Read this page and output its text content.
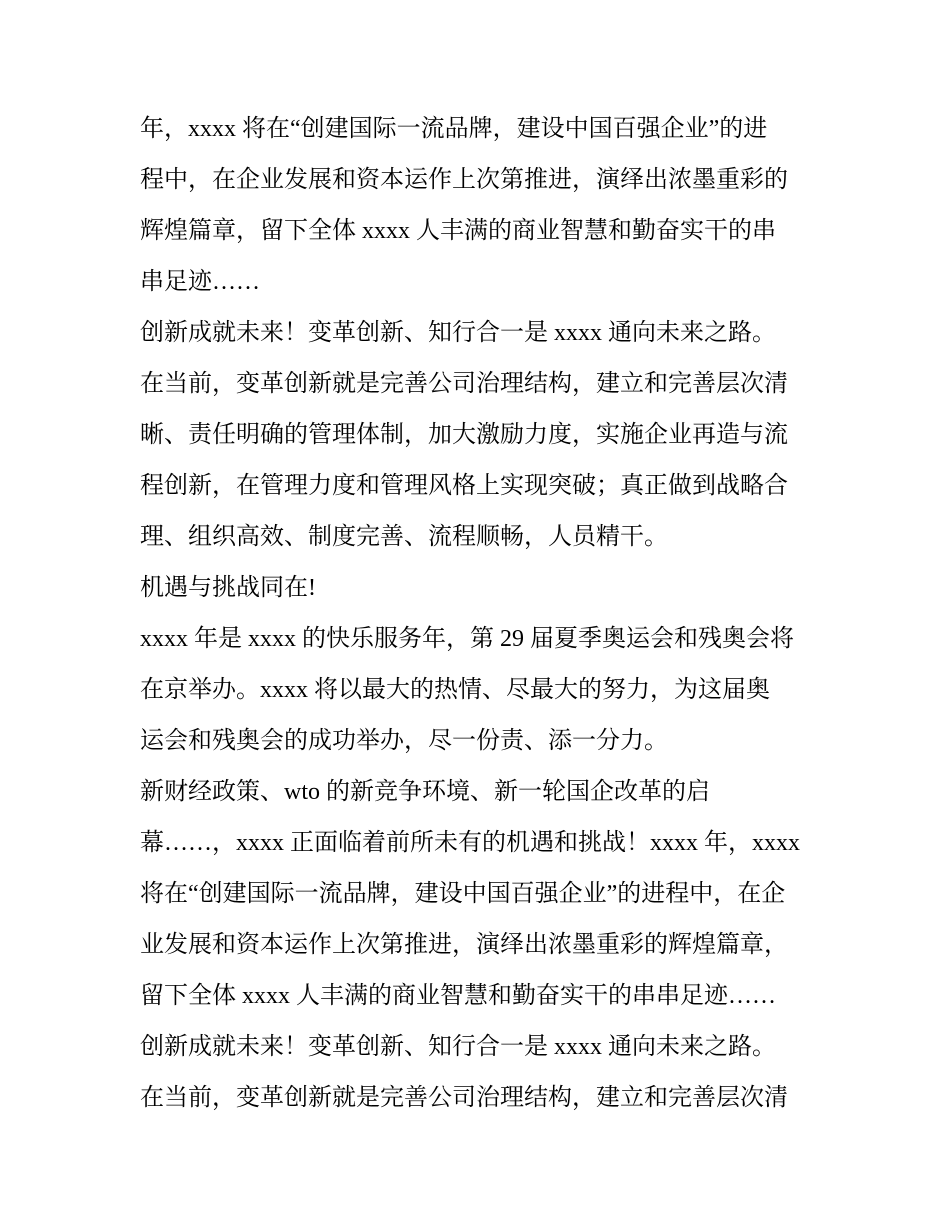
年，xxxx 将在“创建国际一流品牌，建设中国百强企业”的进
程中，在企业发展和资本运作上次第推进，演绎出浓墨重彩的
辉煌篇章，留下全体 xxxx 人丰满的商业智慧和勤奋实干的串
串足迹……

创新成就未来！变革创新、知行合一是 xxxx 通向未来之路。

在当前，变革创新就是完善公司治理结构，建立和完善层次清
晰、责任明确的管理体制，加大激励力度，实施企业再造与流
程创新，在管理力度和管理风格上实现突破；真正做到战略合
理、组织高效、制度完善、流程顺畅，人员精干。

机遇与挑战同在!

xxxx 年是 xxxx 的快乐服务年，第 29 届夏季奥运会和残奥会将
在京举办。xxxx 将以最大的热情、尽最大的努力，为这届奥
运会和残奥会的成功举办，尽一份责、添一分力。

新财经政策、wto 的新竞争环境、新一轮国企改革的启
幕……，xxxx 正面临着前所未有的机遇和挑战！xxxx 年，xxxx
将在“创建国际一流品牌，建设中国百强企业”的进程中，在企
业发展和资本运作上次第推进，演绎出浓墨重彩的辉煌篇章，
留下全体 xxxx 人丰满的商业智慧和勤奋实干的串串足迹……

创新成就未来！变革创新、知行合一是 xxxx 通向未来之路。

在当前，变革创新就是完善公司治理结构，建立和完善层次清
